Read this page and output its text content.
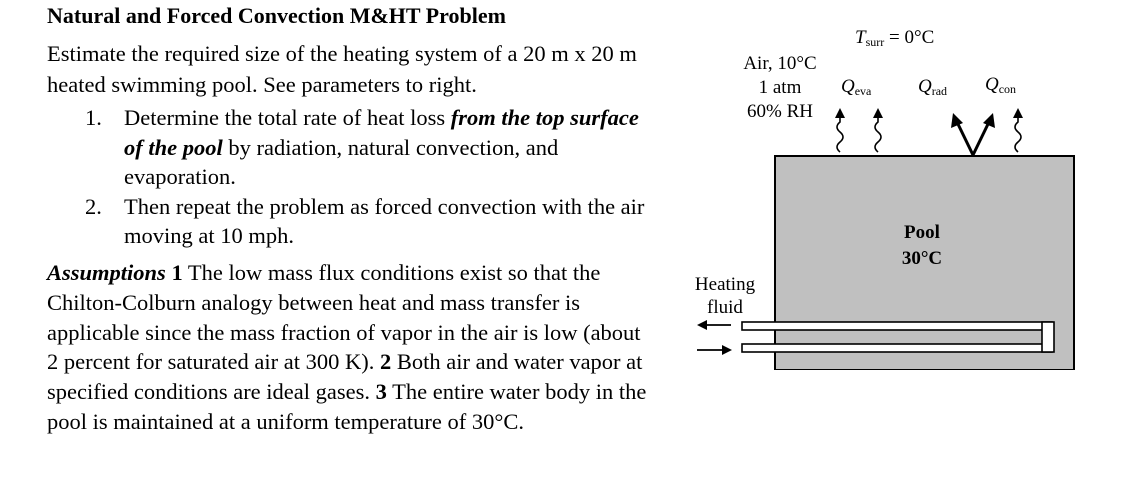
Natural and Forced Convection M&HT Problem
Estimate the required size of the heating system of a 20 m x 20 m heated swimming pool. See parameters to right.
1. Determine the total rate of heat loss from the top surface of the pool by radiation, natural convection, and evaporation.
2. Then repeat the problem as forced convection with the air moving at 10 mph.
Assumptions 1 The low mass flux conditions exist so that the Chilton-Colburn analogy between heat and mass transfer is applicable since the mass fraction of vapor in the air is low (about 2 percent for saturated air at 300 K). 2 Both air and water vapor at specified conditions are ideal gases. 3 The entire water body in the pool is maintained at a uniform temperature of 30°C.
$T_{surr} = 0^\circ C$
Air, 10°C
1 atm
60% RH
$Q_{eva}$ $Q_{rad}$ $Q_{con}$
Pool
30°C
Heating
fluid
